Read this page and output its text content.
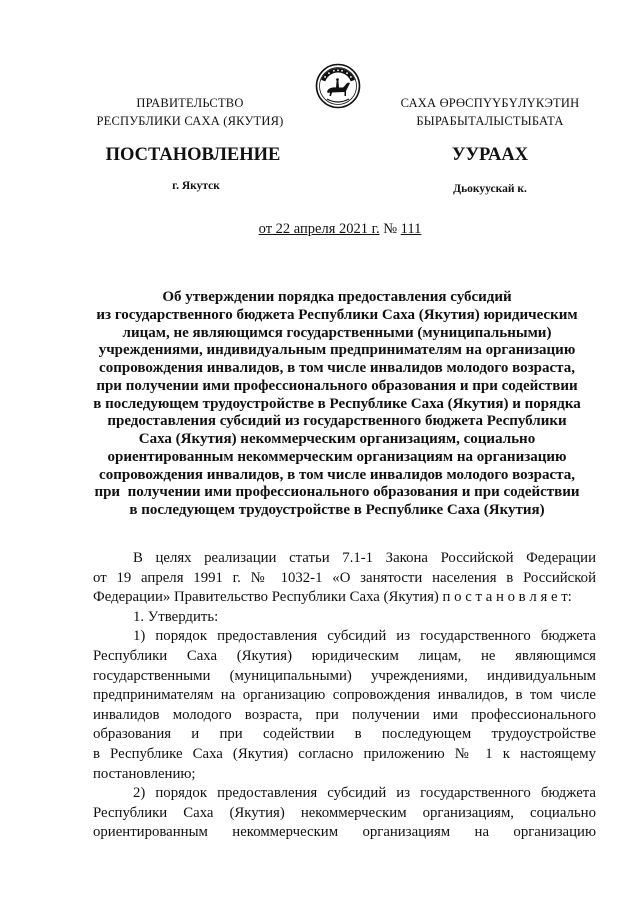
ПРАВИТЕЛЬСТВО
РЕСПУБЛИКИ САХА (ЯКУТИЯ)
САХА ӨРӨСПҮҮБҮЛҮКЭТИН
БЫРАБЫТАЛЫСТЫБАТА
ПОСТАНОВЛЕНИЕ	УУРААХ
г. Якутск	Дьокуускай к.
от 22 апреля 2021 г. № 111
Об утверждении порядка предоставления субсидий
из государственного бюджета Республики Саха (Якутия) юридическим
лицам, не являющимся государственными (муниципальными)
учреждениями, индивидуальным предпринимателям на организацию
сопровождения инвалидов, в том числе инвалидов молодого возраста,
при получении ими профессионального образования и при содействии
в последующем трудоустройстве в Республике Саха (Якутия) и порядка
предоставления субсидий из государственного бюджета Республики
Саха (Якутия) некоммерческим организациям, социально
ориентированным некоммерческим организациям на организацию
сопровождения инвалидов, в том числе инвалидов молодого возраста,
при  получении ими профессионального образования и при содействии
в последующем трудоустройстве в Республике Саха (Якутия)
В целях реализации статьи 7.1-1 Закона Российской Федерации
от 19 апреля 1991 г. № 1032-1 «О занятости населения в Российской
Федерации» Правительство Республики Саха (Якутия) п о с т а н о в л я е т:
1. Утвердить:
1) порядок предоставления субсидий из государственного бюджета
Республики Саха (Якутия) юридическим лицам, не являющимся
государственными (муниципальными) учреждениями, индивидуальным
предпринимателям на организацию сопровождения инвалидов, в том числе
инвалидов молодого возраста, при получении ими профессионального
образования и при содействии в последующем трудоустройстве
в Республике Саха (Якутия) согласно приложению № 1 к настоящему
постановлению;
2) порядок предоставления субсидий из государственного бюджета
Республики Саха (Якутия) некоммерческим организациям, социально
ориентированным некоммерческим организациям на организацию
